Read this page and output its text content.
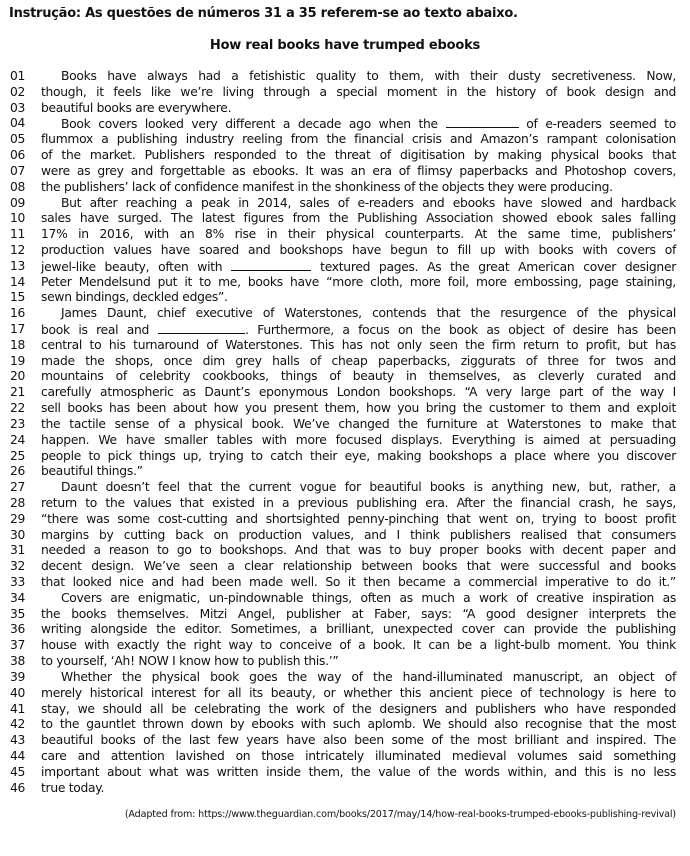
Instrução: As questões de números 31 a 35 referem-se ao texto abaixo.
How real books have trumped ebooks
01	Books have always had a fetishistic quality to them, with their dusty secretiveness. Now,
02	though, it feels like we’re living through a special moment in the history of book design and
03	beautiful books are everywhere.
04	Book covers looked very different a decade ago when the	of e-readers seemed to
05	flummox a publishing industry reeling from the financial crisis and Amazon’s rampant colonisation
06	of the market. Publishers responded to the threat of digitisation by making physical books that
07	were as grey and forgettable as ebooks. It was an era of flimsy paperbacks and Photoshop covers,
08	the publishers’ lack of confidence manifest in the shonkiness of the objects they were producing.
09	But after reaching a peak in 2014, sales of e-readers and ebooks have slowed and hardback
10	sales have surged. The latest figures from the Publishing Association showed ebook sales falling
11	17% in 2016, with an 8% rise in their physical counterparts. At the same time, publishers’
12	production values have soared and bookshops have begun to fill up with books with covers of
13	jewel-like beauty, often with	textured pages. As the great American cover designer
14	Peter Mendelsund put it to me, books have “more cloth, more foil, more embossing, page staining,
15	sewn bindings, deckled edges”.
16	James Daunt, chief executive of Waterstones, contends that the resurgence of the physical
17	book is real and	. Furthermore, a focus on the book as object of desire has been
18	central to his turnaround of Waterstones. This has not only seen the firm return to profit, but has
19	made the shops, once dim grey halls of cheap paperbacks, ziggurats of three for twos and
20	mountains of celebrity cookbooks, things of beauty in themselves, as cleverly curated and
21	carefully atmospheric as Daunt’s eponymous London bookshops. “A very large part of the way I
22	sell books has been about how you present them, how you bring the customer to them and exploit
23	the tactile sense of a physical book. We’ve changed the furniture at Waterstones to make that
24	happen. We have smaller tables with more focused displays. Everything is aimed at persuading
25	people to pick things up, trying to catch their eye, making bookshops a place where you discover
26	beautiful things.”
27	Daunt doesn’t feel that the current vogue for beautiful books is anything new, but, rather, a
28	return to the values that existed in a previous publishing era. After the financial crash, he says,
29	“there was some cost-cutting and shortsighted penny-pinching that went on, trying to boost profit
30	margins by cutting back on production values, and I think publishers realised that consumers
31	needed a reason to go to bookshops. And that was to buy proper books with decent paper and
32	decent design. We’ve seen a clear relationship between books that were successful and books
33	that looked nice and had been made well. So it then became a commercial imperative to do it.”
34	Covers are enigmatic, un-pindownable things, often as much a work of creative inspiration as
35	the books themselves. Mitzi Angel, publisher at Faber, says: “A good designer interprets the
36	writing alongside the editor. Sometimes, a brilliant, unexpected cover can provide the publishing
37	house with exactly the right way to conceive of a book. It can be a light-bulb moment. You think
38	to yourself, ‘Ah! NOW I know how to publish this.’”
39	Whether the physical book goes the way of the hand-illuminated manuscript, an object of
40	merely historical interest for all its beauty, or whether this ancient piece of technology is here to
41	stay, we should all be celebrating the work of the designers and publishers who have responded
42	to the gauntlet thrown down by ebooks with such aplomb. We should also recognise that the most
43	beautiful books of the last few years have also been some of the most brilliant and inspired. The
44	care and attention lavished on those intricately illuminated medieval volumes said something
45	important about what was written inside them, the value of the words within, and this is no less
46	true today.
(Adapted from: https://www.theguardian.com/books/2017/may/14/how-real-books-trumped-ebooks-publishing-revival)
